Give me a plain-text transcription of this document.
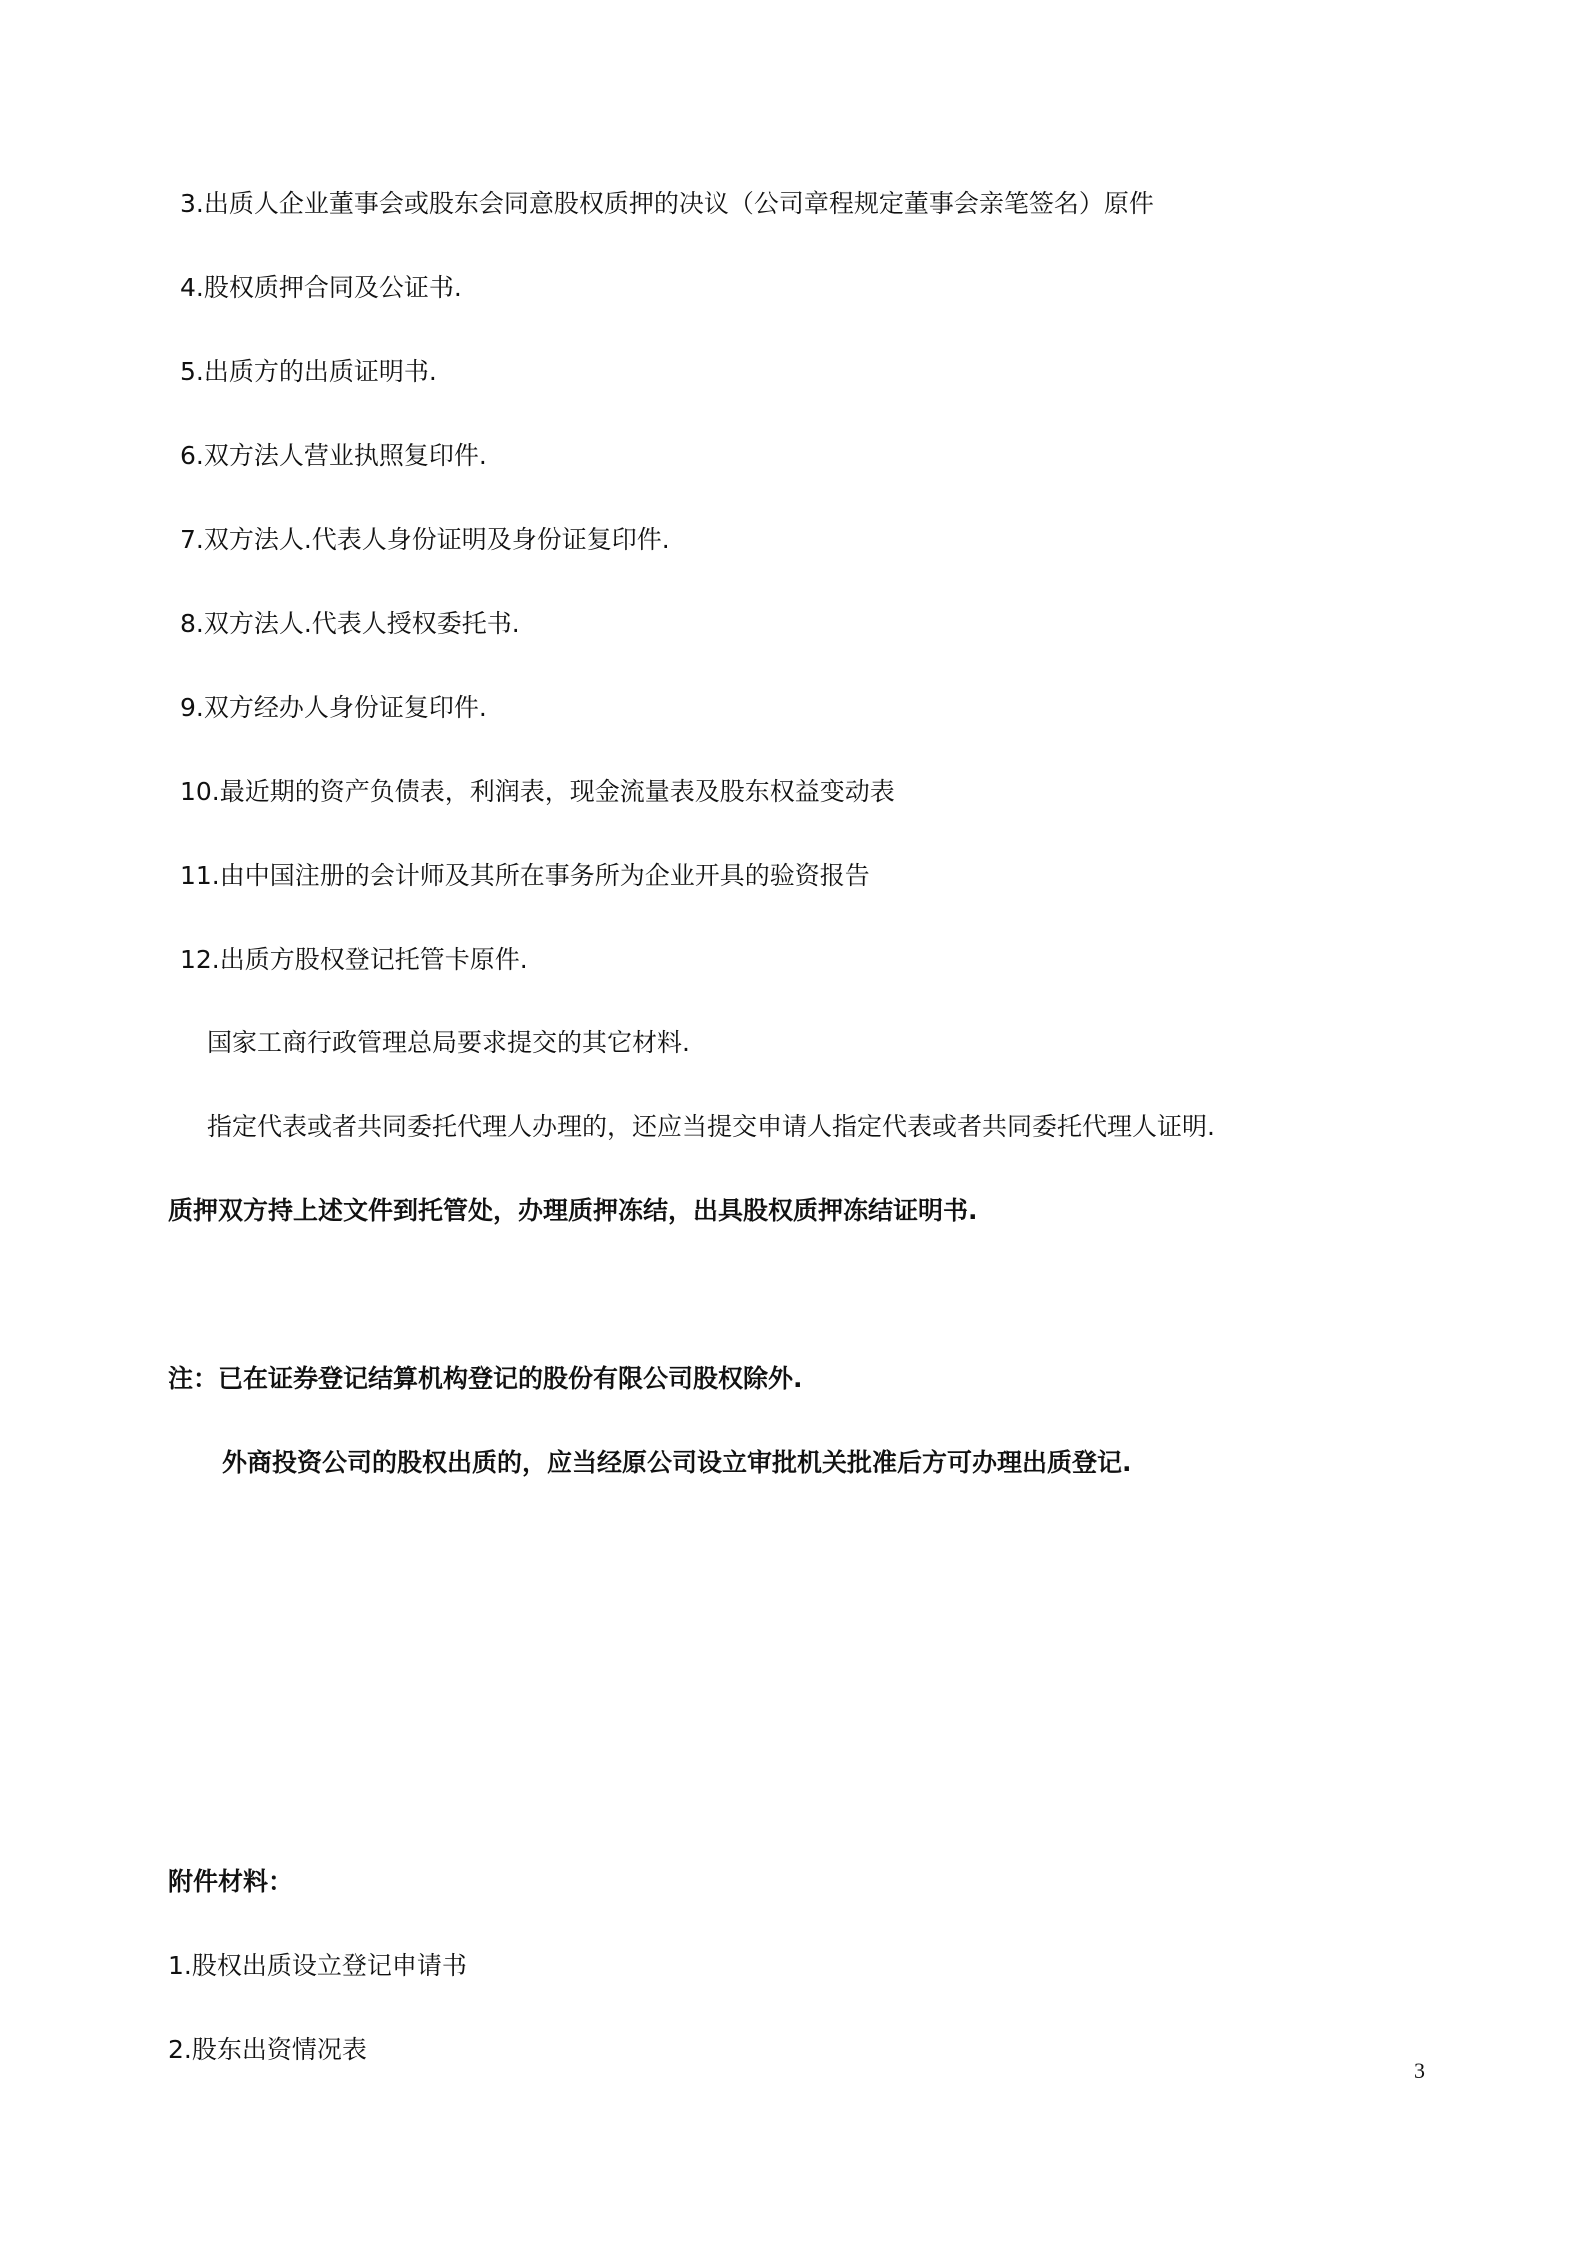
3.出质人企业董事会或股东会同意股权质押的决议（公司章程规定董事会亲笔签名）原件
4.股权质押合同及公证书.
5.出质方的出质证明书.
6.双方法人营业执照复印件.
7.双方法人.代表人身份证明及身份证复印件.
8.双方法人.代表人授权委托书.
9.双方经办人身份证复印件.
10.最近期的资产负债表，利润表，现金流量表及股东权益变动表
11.由中国注册的会计师及其所在事务所为企业开具的验资报告
12.出质方股权登记托管卡原件.
国家工商行政管理总局要求提交的其它材料.
指定代表或者共同委托代理人办理的，还应当提交申请人指定代表或者共同委托代理人证明.
质押双方持上述文件到托管处，办理质押冻结，出具股权质押冻结证明书.
注：已在证券登记结算机构登记的股份有限公司股权除外.
外商投资公司的股权出质的，应当经原公司设立审批机关批准后方可办理出质登记.
附件材料：
1.股权出质设立登记申请书
2.股东出资情况表
3
